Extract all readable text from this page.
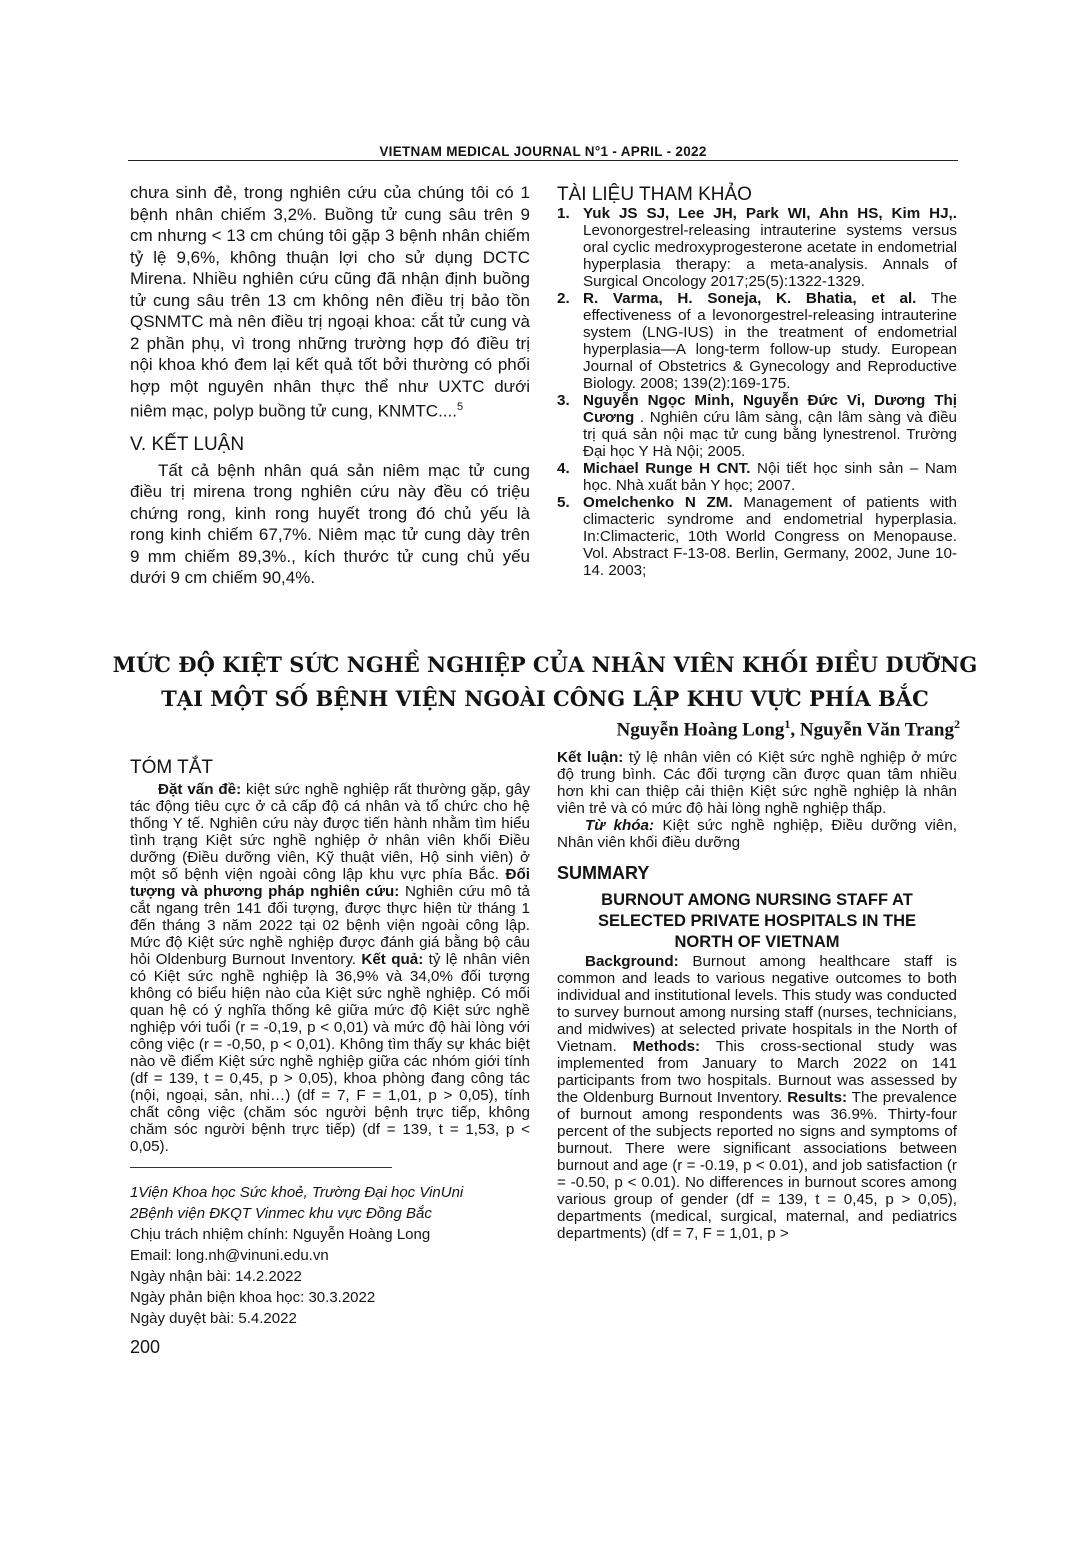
VIETNAM MEDICAL JOURNAL N°1 - APRIL - 2022

chưa sinh đẻ, trong nghiên cứu của chúng tôi có 1 bệnh nhân chiếm 3,2%. Buồng tử cung sâu trên 9 cm nhưng < 13 cm chúng tôi gặp 3 bệnh nhân chiếm tỷ lệ 9,6%, không thuận lợi cho sử dụng DCTC Mirena. Nhiều nghiên cứu cũng đã nhận định buồng tử cung sâu trên 13 cm không nên điều trị bảo tồn QSNMTC mà nên điều trị ngoại khoa: cắt tử cung và 2 phần phụ, vì trong những trường hợp đó điều trị nội khoa khó đem lại kết quả tốt bởi thường có phối hợp một nguyên nhân thực thể như UXTC dưới niêm mạc, polyp buồng tử cung, KNMTC....$^5$

V. KẾT LUẬN

Tất cả bệnh nhân quá sản niêm mạc tử cung điều trị mirena trong nghiên cứu này đều có triệu chứng rong, kinh rong huyết trong đó chủ yếu là rong kinh chiếm 67,7%. Niêm mạc tử cung dày trên 9 mm chiếm 89,3%., kích thước tử cung chủ yếu dưới 9 cm chiếm 90,4%.

TÀI LIỆU THAM KHẢO

1. Yuk JS SJ, Lee JH, Park WI, Ahn HS, Kim HJ,. Levonorgestrel-releasing intrauterine systems versus oral cyclic medroxyprogesterone acetate in endometrial hyperplasia therapy: a meta-analysis. Annals of Surgical Oncology 2017;25(5):1322-1329.

2. R. Varma, H. Soneja, K. Bhatia, et al. The effectiveness of a levonorgestrel-releasing intrauterine system (LNG-IUS) in the treatment of endometrial hyperplasia—A long-term follow-up study. European Journal of Obstetrics & Gynecology and Reproductive Biology. 2008; 139(2):169-175.

3. Nguyễn Ngọc Minh, Nguyễn Đức Vi, Dương Thị Cương . Nghiên cứu lâm sàng, cận lâm sàng và điều trị quá sản nội mạc tử cung bằng lynestrenol. Trường Đại học Y Hà Nội; 2005.

4. Michael Runge H CNT. Nội tiết học sinh sản – Nam học. Nhà xuất bản Y học; 2007.

5. Omelchenko N ZM. Management of patients with climacteric syndrome and endometrial hyperplasia. In:Climacteric, 10th World Congress on Menopause. Vol. Abstract F-13-08. Berlin, Germany, 2002, June 10-14. 2003;

MỨC ĐỘ KIỆT SỨC NGHỀ NGHIỆP CỦA NHÂN VIÊN KHỐI ĐIỀU DƯỠNG
TẠI MỘT SỐ BỆNH VIỆN NGOÀI CÔNG LẬP KHU VỰC PHÍA BẮC
Nguyễn Hoàng Long$^1$, Nguyễn Văn Trang$^2$
TÓM TẮT

Đặt vấn đề: kiệt sức nghề nghiệp rất thường gặp, gây tác động tiêu cực ở cả cấp độ cá nhân và tổ chức cho hệ thống Y tế. Nghiên cứu này được tiến hành nhằm tìm hiểu tình trạng Kiệt sức nghề nghiệp ở nhân viên khối Điều dưỡng (Điều dưỡng viên, Kỹ thuật viên, Hộ sinh viên) ở một số bệnh viện ngoài công lập khu vực phía Bắc. Đối tượng và phương pháp nghiên cứu: Nghiên cứu mô tả cắt ngang trên 141 đối tượng, được thực hiện từ tháng 1 đến tháng 3 năm 2022 tại 02 bệnh viện ngoài công lập. Mức độ Kiệt sức nghề nghiệp được đánh giá bằng bộ câu hỏi Oldenburg Burnout Inventory. Kết quả: tỷ lệ nhân viên có Kiệt sức nghề nghiệp là 36,9% và 34,0% đối tượng không có biểu hiện nào của Kiệt sức nghề nghiệp. Có mối quan hệ có ý nghĩa thống kê giữa mức độ Kiệt sức nghề nghiệp với tuổi (r = -0,19, p < 0,01) và mức độ hài lòng với công việc (r = -0,50, p < 0,01). Không tìm thấy sự khác biệt nào về điểm Kiệt sức nghề nghiệp giữa các nhóm giới tính (df = 139, t = 0,45, p > 0,05), khoa phòng đang công tác (nội, ngoại, sản, nhi…) (df = 7, F = 1,01, p > 0,05), tính chất công việc (chăm sóc người bệnh trực tiếp, không chăm sóc người bệnh trực tiếp) (df = 139, t = 1,53, p < 0,05).

1Viện Khoa học Sức khoẻ, Trường Đại học VinUni
2Bệnh viện ĐKQT Vinmec khu vực Đồng Bắc
Chịu trách nhiệm chính: Nguyễn Hoàng Long
Email: long.nh@vinuni.edu.vn
Ngày nhận bài: 14.2.2022
Ngày phản biện khoa học: 30.3.2022
Ngày duyệt bài: 5.4.2022
200

Kết luận: tỷ lệ nhân viên có Kiệt sức nghề nghiệp ở mức độ trung bình. Các đối tượng cần được quan tâm nhiều hơn khi can thiệp cải thiện Kiệt sức nghề nghiệp là nhân viên trẻ và có mức độ hài lòng nghề nghiệp thấp.

Từ khóa: Kiệt sức nghề nghiệp, Điều dưỡng viên, Nhân viên khối điều dưỡng

SUMMARY
BURNOUT AMONG NURSING STAFF AT SELECTED PRIVATE HOSPITALS IN THE NORTH OF VIETNAM

Background: Burnout among healthcare staff is common and leads to various negative outcomes to both individual and institutional levels. This study was conducted to survey burnout among nursing staff (nurses, technicians, and midwives) at selected private hospitals in the North of Vietnam. Methods: This cross-sectional study was implemented from January to March 2022 on 141 participants from two hospitals. Burnout was assessed by the Oldenburg Burnout Inventory. Results: The prevalence of burnout among respondents was 36.9%. Thirty-four percent of the subjects reported no signs and symptoms of burnout. There were significant associations between burnout and age (r = -0.19, p < 0.01), and job satisfaction (r = -0.50, p < 0.01). No differences in burnout scores among various group of gender (df = 139, t = 0,45, p > 0,05), departments (medical, surgical, maternal, and pediatrics departments) (df = 7, F = 1,01, p >
